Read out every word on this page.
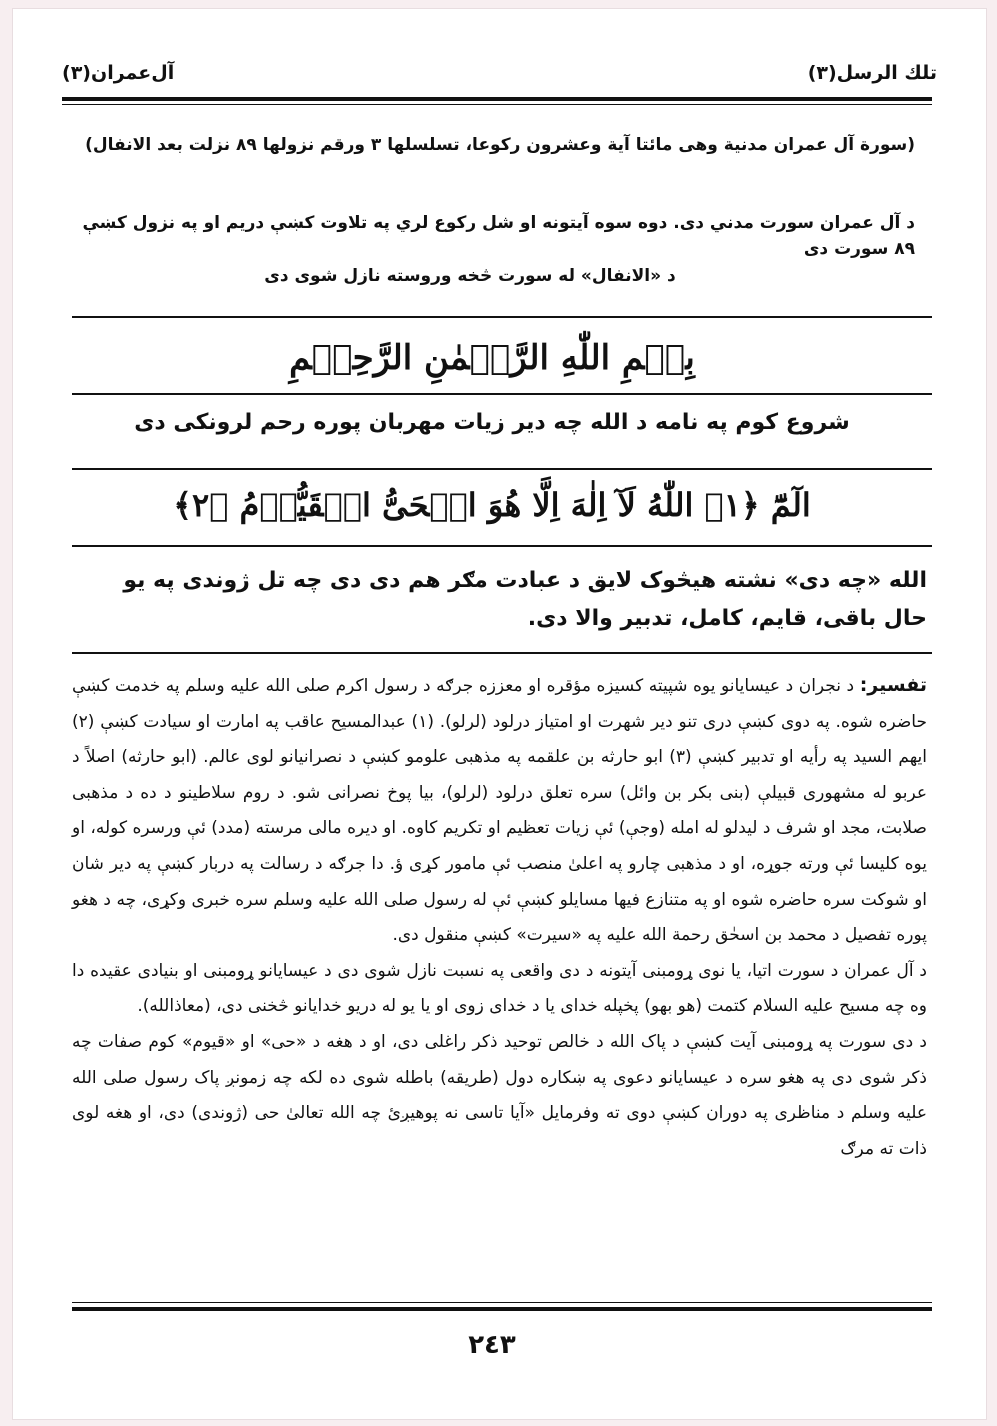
تلك الرسل(٣)
آل‌عمران(٣)
(سورة آل عمران مدنية وهى مائتا آية وعشرون ركوعا، تسلسلها ٣ ورقم نزولها ٨٩ نزلت بعد الانفال)
د آل عمران سورت مدني دی. دوه سوه آیتونه او شل رکوع لري په تلاوت کښې دریم او په نزول کښې ٨٩ سورت دی
د «الانفال» له سورت څخه وروسته نازل شوی دی
بِسۡمِ اللّٰهِ الرَّحۡمٰنِ الرَّحِيۡمِ
شروع کوم په نامه د الله چه دیر زیات مهربان پوره رحم لرونکی دی
الٓمّٓ ﴿١﴾ اللّٰهُ لَآ اِلٰهَ اِلَّا هُوَ الۡحَیُّ الۡقَیُّوۡمُ ﴿٢﴾
الله «چه دی» نشته هیڅوک لایق د عبادت مګر هم دی دی چه تل ژوندی په یو حال باقی، قایم، کامل، تدبیر والا دی.

تفسیر: د نجران د عیسایانو یوه شپیته کسیزه مؤقره او معززه جرګه د رسول اکرم صلی الله علیه وسلم په خدمت کښې حاضره شوه. په دوی کښې دری تنو دیر شهرت او امتیاز درلود (لرلو). (١) عبدالمسیح عاقب په امارت او سیادت کښې (٢) ایهم السید په رأیه او تدبیر کښې (٣) ابو حارثه بن علقمه په مذهبی علومو کښې د نصرانیانو لوی عالم. (ابو حارثه) اصلاً د عربو له مشهوری قبیلې (بنی بکر بن وائل) سره تعلق درلود (لرلو)، بیا پوخ نصرانی شو. د روم سلاطینو د ده د مذهبی صلابت، مجد او شرف د لیدلو له امله (وجې) ئې زیات تعظیم او تکریم کاوه. او دیره مالی مرسته (مدد) ئې ورسره کوله، او یوه کلیسا ئې ورته جوړه، او د مذهبی چارو په اعلیٰ منصب ئې مامور کړی ؤ. دا جرګه د رسالت په دربار کښې په دیر شان او شوکت سره حاضره شوه او په متنازع فیها مسایلو کښې ئې له رسول صلی الله علیه وسلم سره خبری وکړی، چه د هغو پوره تفصیل د محمد بن اسحٰق رحمة الله علیه په «سیرت» کښې منقول دی.

د آل عمران د سورت اتیا، یا نوی ړومبنی آیتونه د دی واقعی په نسبت نازل شوی دی د عیسایانو ړومبنی او بنیادی عقیده دا وه چه مسیح علیه السلام کتمت (هو بهو) پخپله خدای یا د خدای زوی او یا یو له دریو خدایانو څخنی دی، (معاذالله).

د دی سورت په ړومبنی آیت کښې د پاک الله د خالص توحید ذکر راغلی دی، او د هغه د «حی» او «قیوم» کوم صفات چه ذکر شوی دی په هغو سره د عیسایانو دعوی په ښکاره دول (طریقه) باطله شوی ده لکه چه زمونږ پاک رسول صلی الله علیه وسلم د مناظری په دوران کښې دوی ته وفرمایل «آیا تاسی نه پوهیږئ چه الله تعالیٰ حی (ژوندی) دی، او هغه لوی ذات ته مرګ

٢٤٣
